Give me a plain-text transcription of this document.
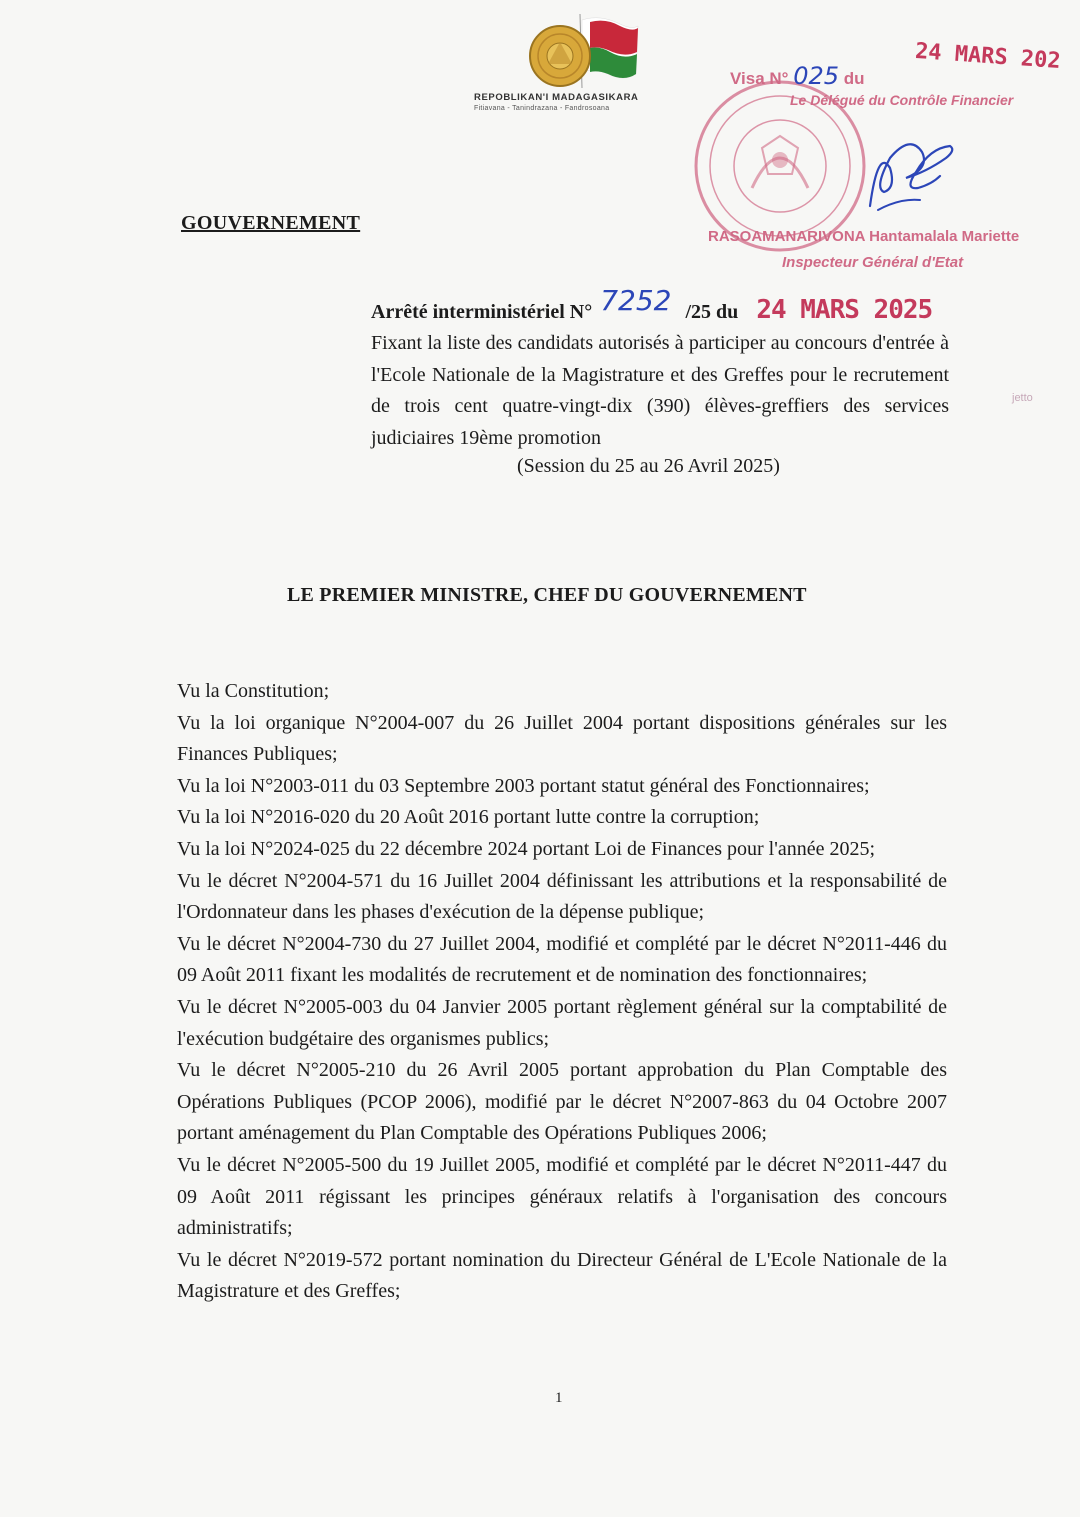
REPOBLIKAN'I MADAGASIKARA
Fitiavana - Tanindrazana - Fandrosoana
GOUVERNEMENT
Visa N° 025 du
24 MARS 202
Le Délégué du Contrôle Financier
RASOAMANARIVONA Hantamalala Mariette
Inspecteur Général d'Etat
Arrêté interministériel N° 7252 /25 du 24 MARS 2025
Fixant la liste des candidats autorisés à participer au concours d'entrée à l'Ecole Nationale de la Magistrature et des Greffes pour le recrutement de trois cent quatre-vingt-dix (390) élèves-greffiers des services judiciaires 19ème promotion
(Session du 25 au 26 Avril 2025)
jetto
LE PREMIER MINISTRE, CHEF DU GOUVERNEMENT

Vu la Constitution;

Vu la loi organique N°2004-007 du 26 Juillet 2004 portant dispositions générales sur les Finances Publiques;

Vu la loi N°2003-011 du 03 Septembre 2003 portant statut général des Fonctionnaires;

Vu la loi N°2016-020 du 20 Août 2016 portant lutte contre la corruption;

Vu la loi N°2024-025 du 22 décembre 2024 portant Loi de Finances pour l'année 2025;

Vu le décret N°2004-571 du 16 Juillet 2004 définissant les attributions et la responsabilité de l'Ordonnateur dans les phases d'exécution de la dépense publique;

Vu le décret N°2004-730 du 27 Juillet 2004, modifié et complété par le décret N°2011-446 du 09 Août 2011 fixant les modalités de recrutement et de nomination des fonctionnaires;

Vu le décret N°2005-003 du 04 Janvier 2005 portant règlement général sur la comptabilité de l'exécution budgétaire des organismes publics;

Vu le décret N°2005-210 du 26 Avril 2005 portant approbation du Plan Comptable des Opérations Publiques (PCOP 2006), modifié par le décret N°2007-863 du 04 Octobre 2007 portant aménagement du Plan Comptable des Opérations Publiques 2006;

Vu le décret N°2005-500 du 19 Juillet 2005, modifié et complété par le décret N°2011-447 du 09 Août 2011 régissant les principes généraux relatifs à l'organisation des concours administratifs;

Vu le décret N°2019-572 portant nomination du Directeur Général de L'Ecole Nationale de la Magistrature et des Greffes;

1
